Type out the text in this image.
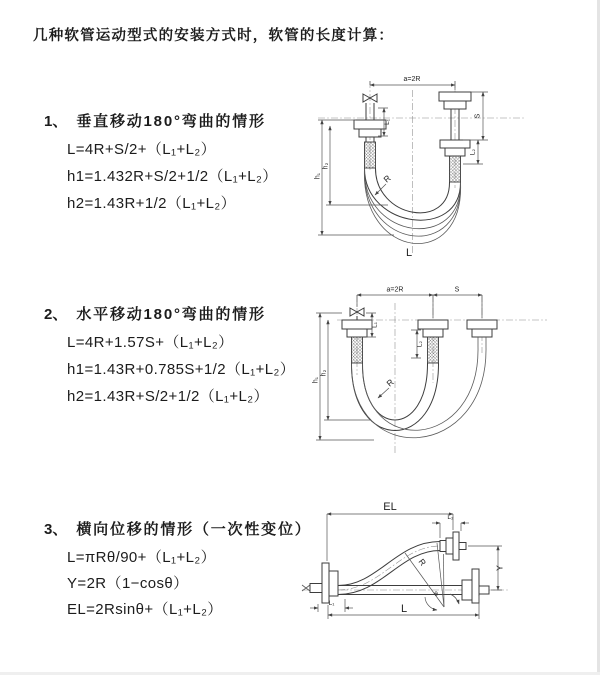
几种软管运动型式的安装方式时，软管的长度计算：
1、 垂直移动180°弯曲的情形
L=4R+S/2+（L₁+L₂）
h1=1.432R+S/2+1/2（L₁+L₂）
h2=1.43R+1/2（L₁+L₂）
2、 水平移动180°弯曲的情形
L=4R+1.57S+（L₁+L₂）
h1=1.43R+0.785S+1/2（L₁+L₂）
h2=1.43R+S/2+1/2（L₁+L₂）
3、 横向位移的情形（一次性变位）
L=πRθ/90+（L₁+L₂）
Y=2R（1−cosθ）
EL=2Rsinθ+（L₁+L₂）
a=2R
h₁
h₂
L₁
S
L₂
R
L
a=2R	S
h₁
h₂
L₁
L₂
R
EL
L₂
Y
R
θ
L₁	L
